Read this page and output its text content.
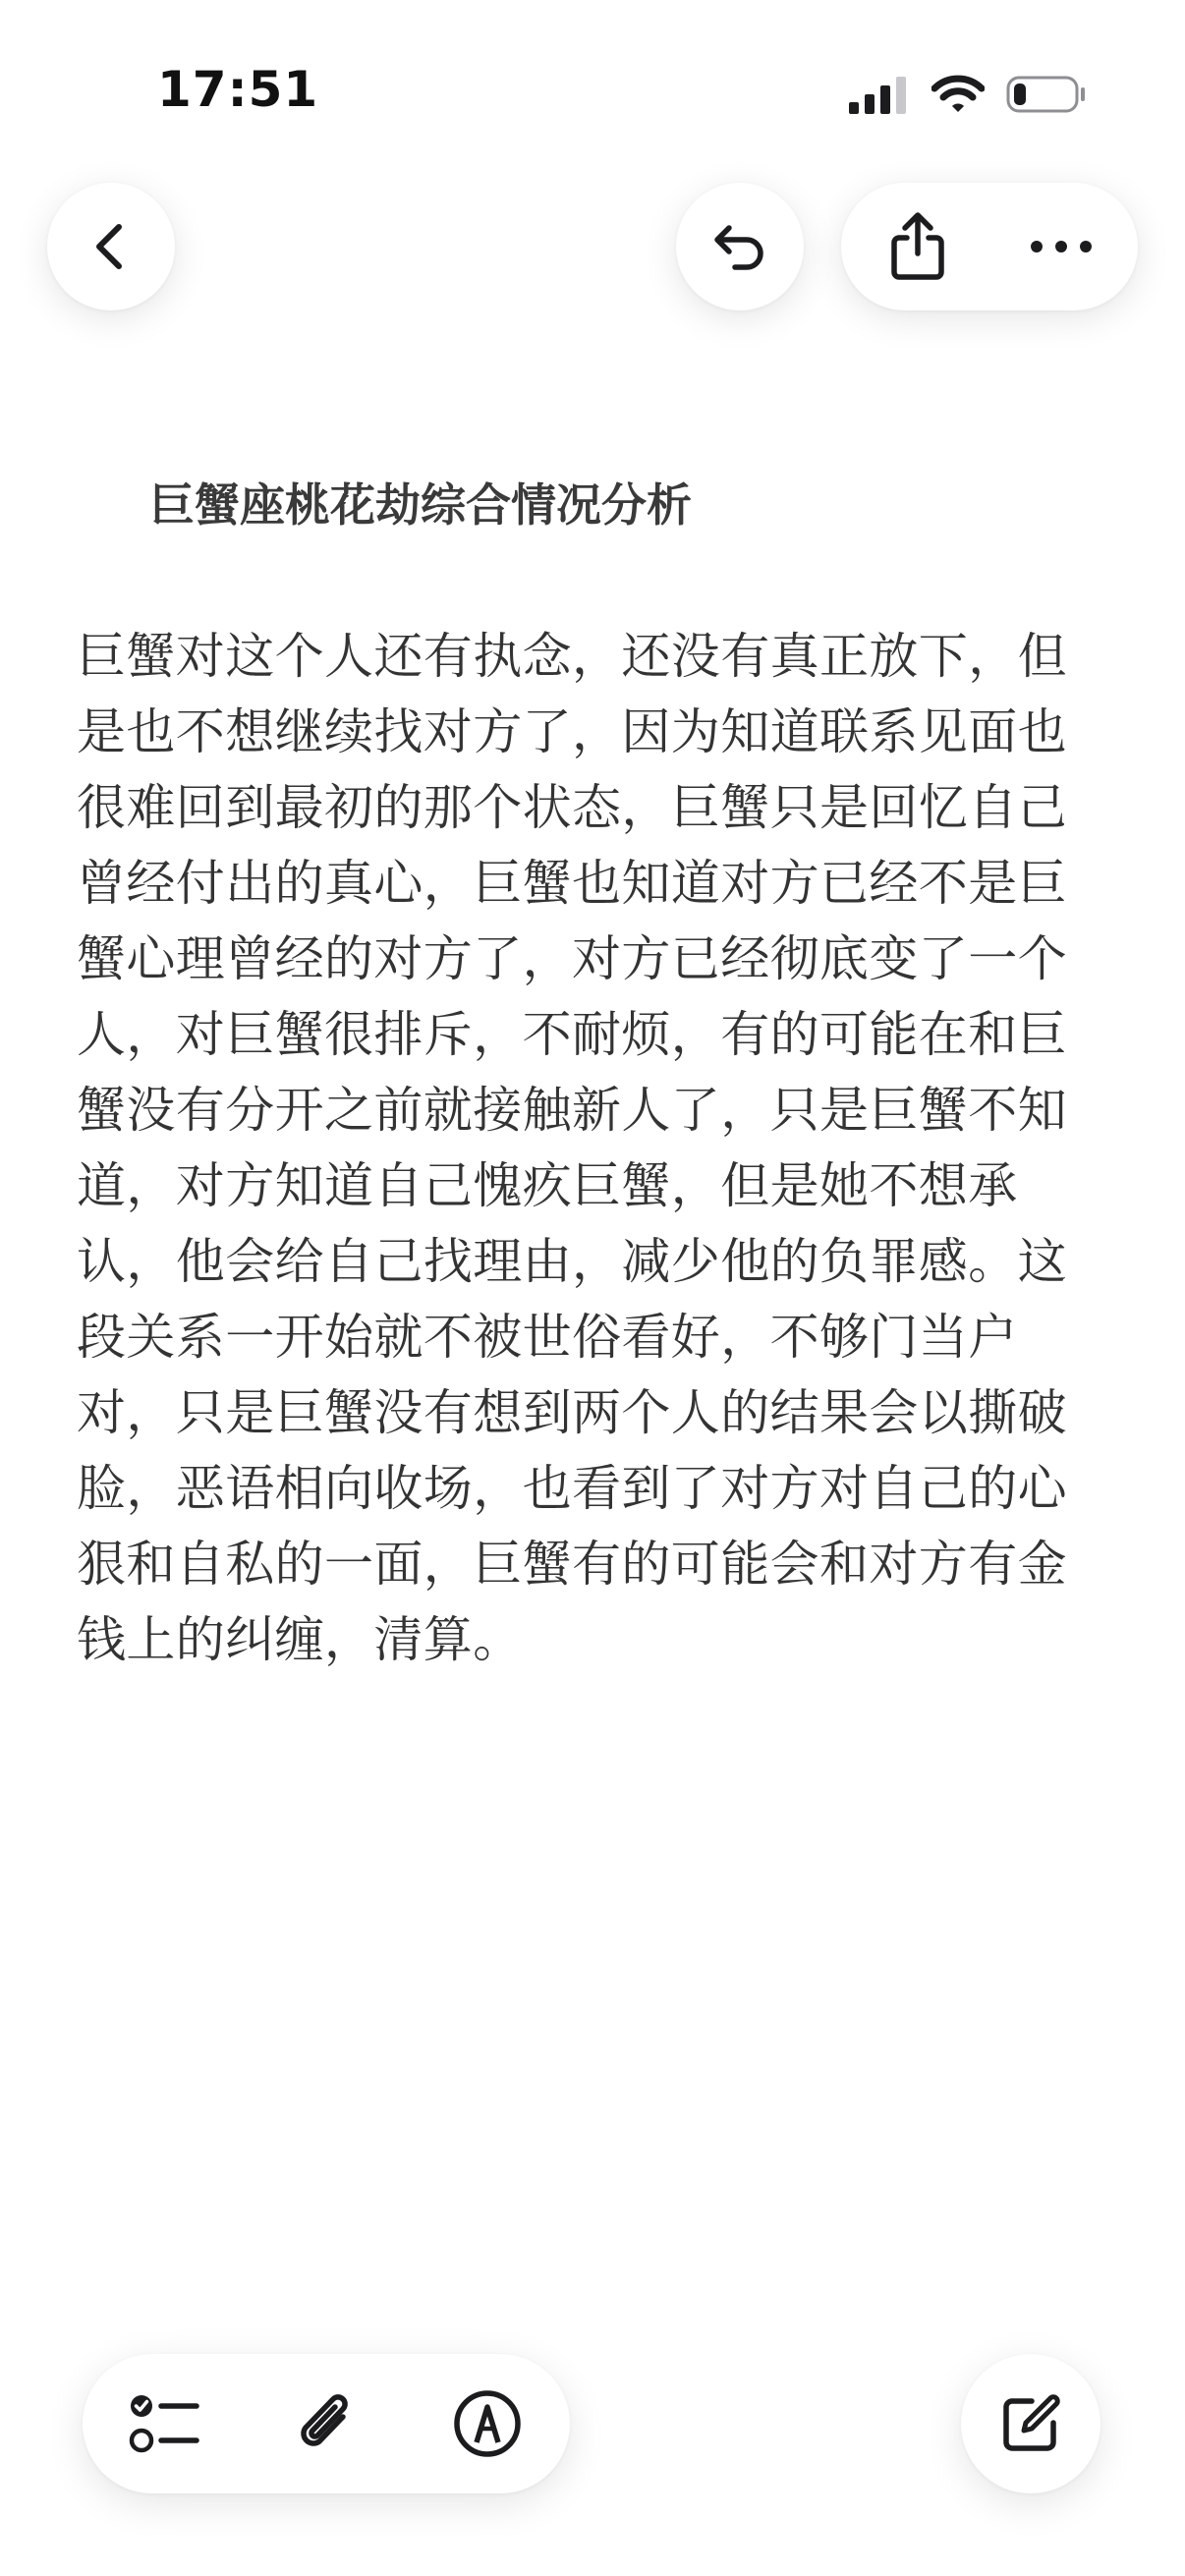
17:51
巨蟹座桃花劫综合情况分析
巨蟹对这个人还有执念，还没有真正放下，但
是也不想继续找对方了，因为知道联系见面也
很难回到最初的那个状态，巨蟹只是回忆自己
曾经付出的真心，巨蟹也知道对方已经不是巨
蟹心理曾经的对方了，对方已经彻底变了一个
人，对巨蟹很排斥，不耐烦，有的可能在和巨
蟹没有分开之前就接触新人了，只是巨蟹不知
道，对方知道自己愧疚巨蟹，但是她不想承
认，他会给自己找理由，减少他的负罪感。这
段关系一开始就不被世俗看好，不够门当户
对，只是巨蟹没有想到两个人的结果会以撕破
脸，恶语相向收场，也看到了对方对自己的心
狠和自私的一面，巨蟹有的可能会和对方有金
钱上的纠缠，清算。
